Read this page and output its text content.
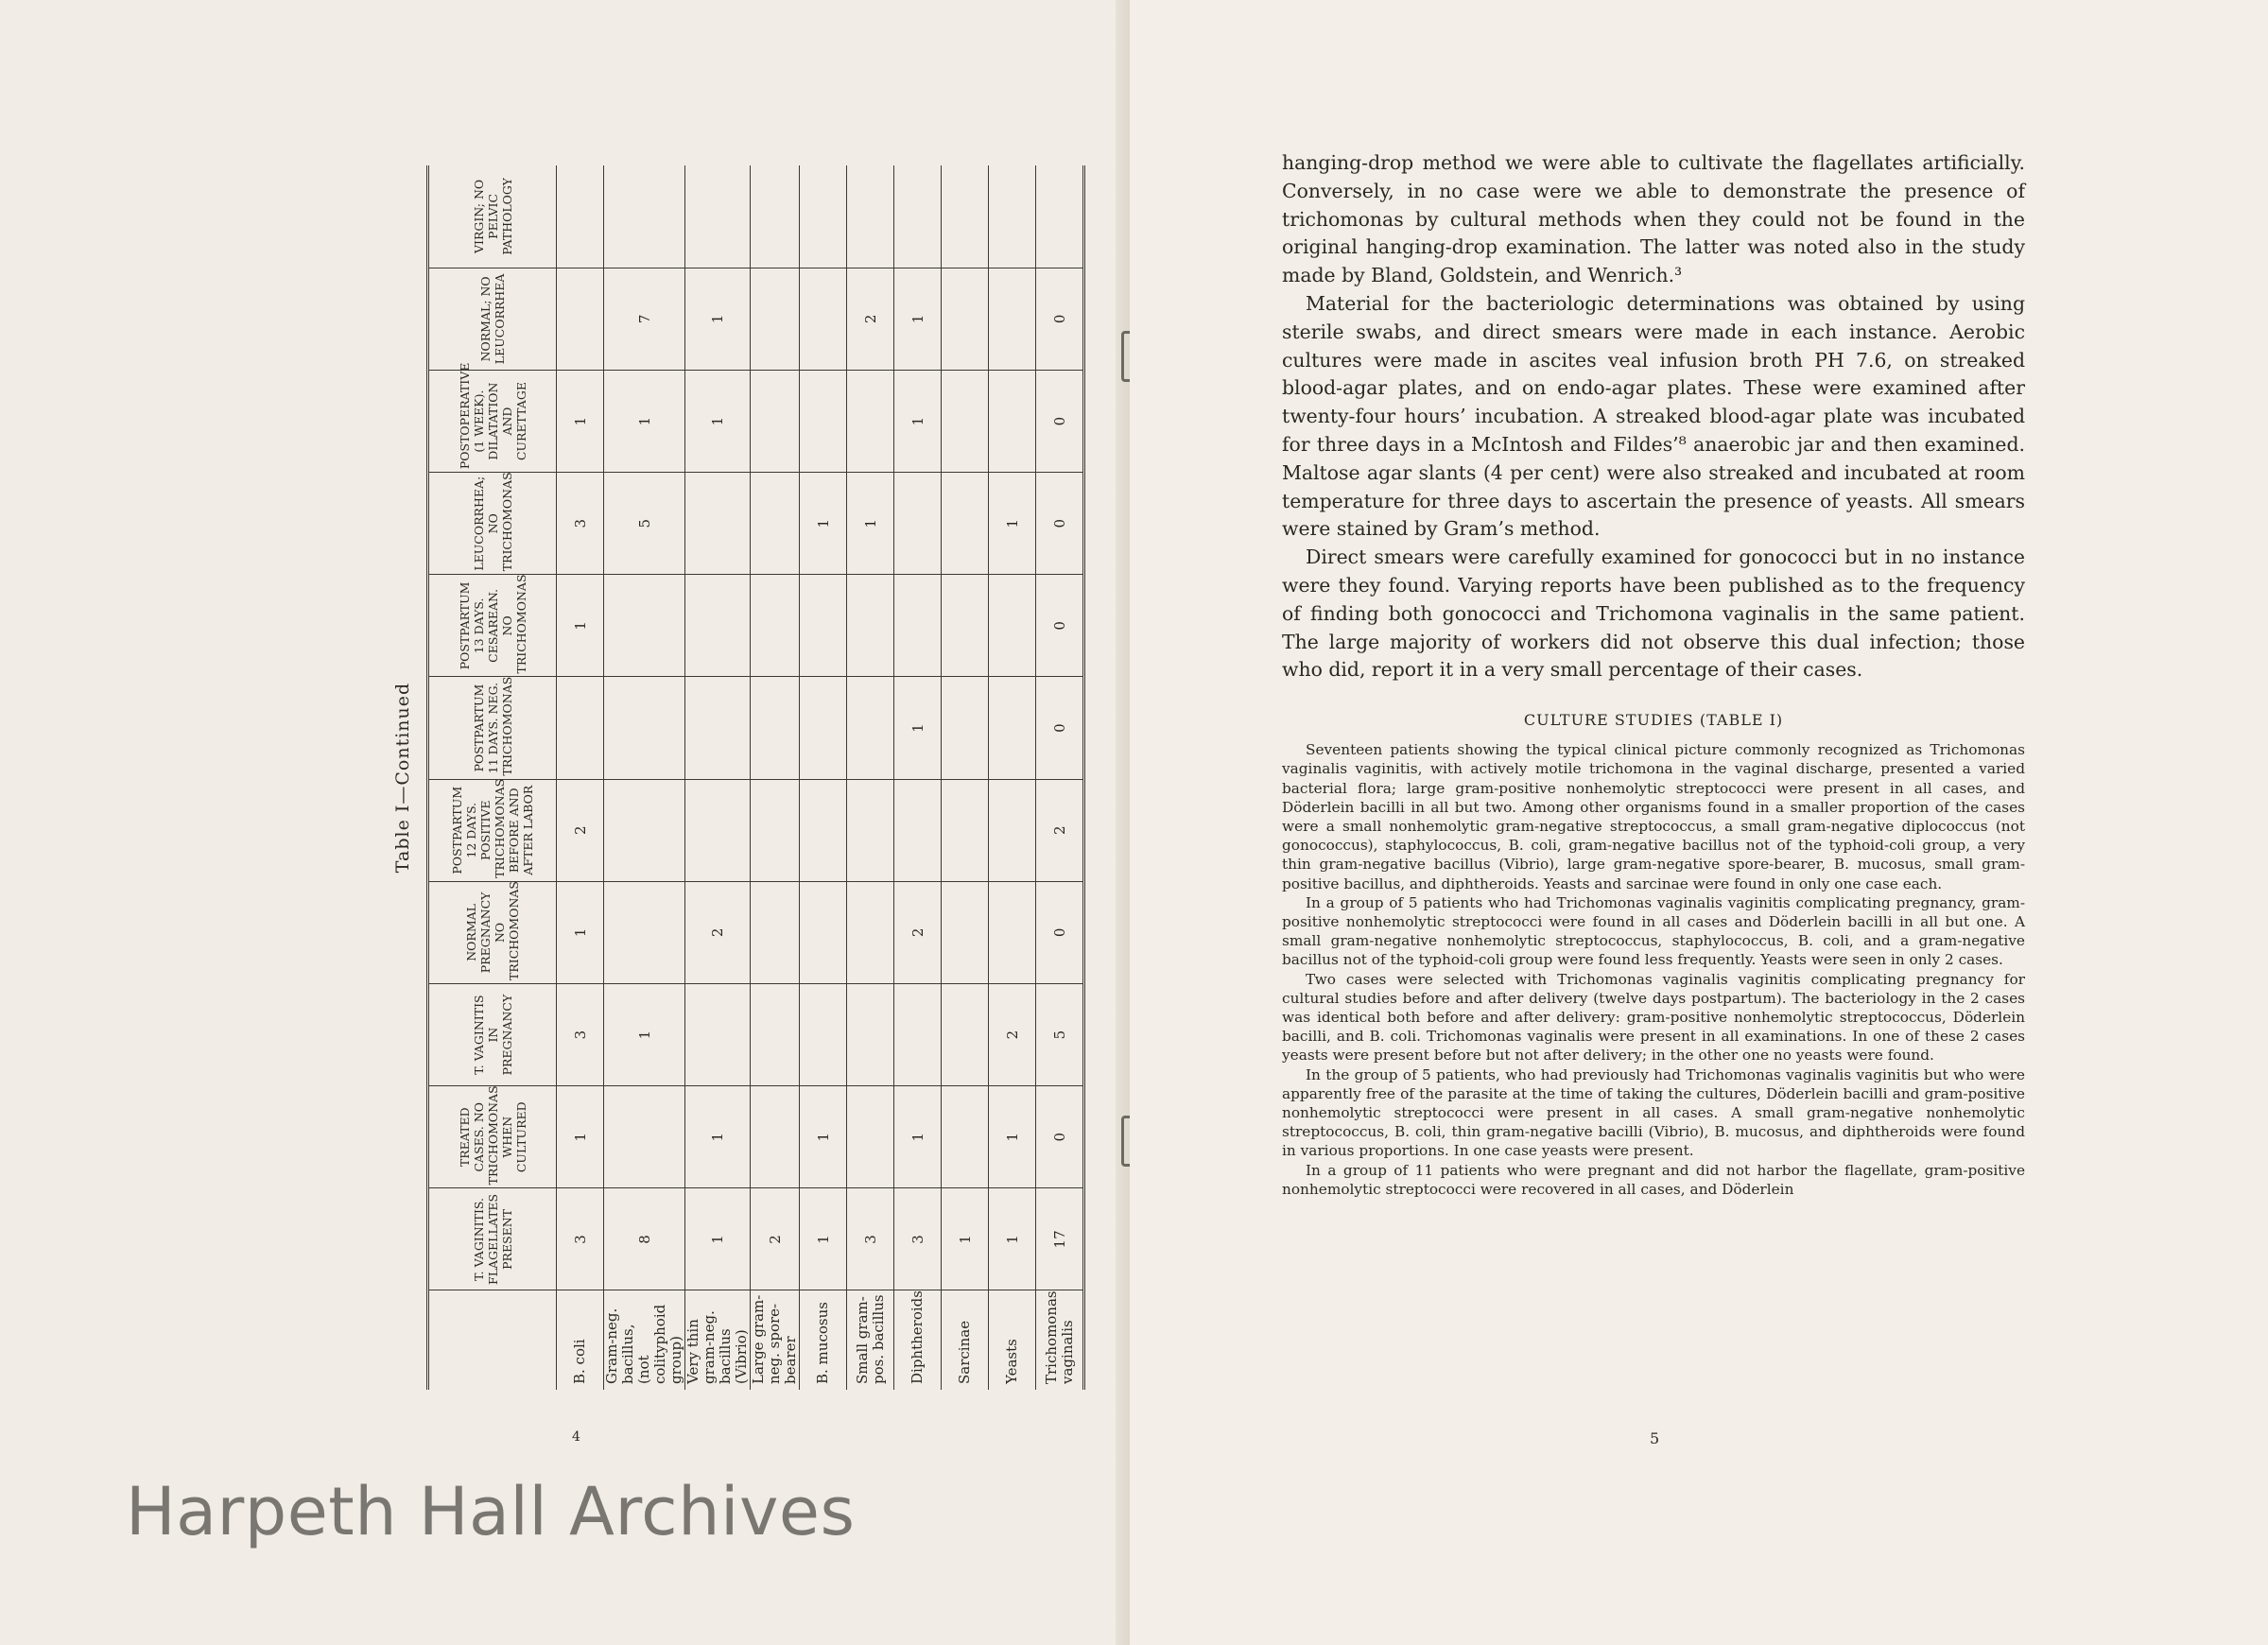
Table I—Continued
	T. VAGINITIS. FLAGELLATES PRESENT	TREATED CASES. NO TRICHOMONAS WHEN CULTURED	T. VAGINITIS IN PREGNANCY	NORMAL PREGNANCY NO TRICHOMONAS	POSTPARTUM 12 DAYS. POSITIVE TRICHOMONAS BEFORE AND AFTER LABOR	POSTPARTUM 11 DAYS. NEG. TRICHOMONAS	POSTPARTUM 13 DAYS. CESAREAN. NO TRICHOMONAS	LEUCORRHEA; NO TRICHOMONAS	POSTOPERATIVE (1 WEEK). DILATATION AND CURETTAGE	NORMAL; NO LEUCORRHEA	VIRGIN; NO PELVIC PATHOLOGY
B. coli	3	1	3	1	2		1	3	1		
Gram-neg. bacillus, (not colityphoid group)	8		1					5	1	7	
Very thin gram-neg. bacillus (Vibrio)	1	1		2					1	1	
Large gram-neg. spore-bearer	2										
B. mucosus	1	1						1			
Small gram-pos. bacillus	3							1		2	
Diphtheroids	3	1		2		1			1	1	
Sarcinae	1										
Yeasts	1	1	2					1			
Trichomonas vaginalis	17	0	5	0	2	0	0	0	0	0	
4
Harpeth Hall Archives

hanging-drop method we were able to cultivate the flagellates artificially. Conversely, in no case were we able to demonstrate the presence of trichomonas by cultural methods when they could not be found in the original hanging-drop examination. The latter was noted also in the study made by Bland, Goldstein, and Wenrich.³

Material for the bacteriologic determinations was obtained by using sterile swabs, and direct smears were made in each instance. Aerobic cultures were made in ascites veal infusion broth PH 7.6, on streaked blood-agar plates, and on endo-agar plates. These were examined after twenty-four hours’ incubation. A streaked blood-agar plate was incubated for three days in a McIntosh and Fildes’⁸ anaerobic jar and then examined. Maltose agar slants (4 per cent) were also streaked and incubated at room temperature for three days to ascertain the presence of yeasts. All smears were stained by Gram’s method.

Direct smears were carefully examined for gonococci but in no instance were they found. Varying reports have been published as to the frequency of finding both gonococci and Trichomona vaginalis in the same patient. The large majority of workers did not observe this dual infection; those who did, report it in a very small percentage of their cases.

CULTURE STUDIES (TABLE I)

Seventeen patients showing the typical clinical picture commonly recognized as Trichomonas vaginalis vaginitis, with actively motile trichomona in the vaginal discharge, presented a varied bacterial flora; large gram-positive nonhemolytic streptococci were present in all cases, and Döderlein bacilli in all but two. Among other organisms found in a smaller proportion of the cases were a small nonhemolytic gram-negative streptococcus, a small gram-negative diplococcus (not gonococcus), staphylococcus, B. coli, gram-negative bacillus not of the typhoid-coli group, a very thin gram-negative bacillus (Vibrio), large gram-negative spore-bearer, B. mucosus, small gram-positive bacillus, and diphtheroids. Yeasts and sarcinae were found in only one case each.

In a group of 5 patients who had Trichomonas vaginalis vaginitis complicating pregnancy, gram-positive nonhemolytic streptococci were found in all cases and Döderlein bacilli in all but one. A small gram-negative nonhemolytic streptococcus, staphylococcus, B. coli, and a gram-negative bacillus not of the typhoid-coli group were found less frequently. Yeasts were seen in only 2 cases.

Two cases were selected with Trichomonas vaginalis vaginitis complicating pregnancy for cultural studies before and after delivery (twelve days postpartum). The bacteriology in the 2 cases was identical both before and after delivery: gram-positive nonhemolytic streptococcus, Döderlein bacilli, and B. coli. Trichomonas vaginalis were present in all examinations. In one of these 2 cases yeasts were present before but not after delivery; in the other one no yeasts were found.

In the group of 5 patients, who had previously had Trichomonas vaginalis vaginitis but who were apparently free of the parasite at the time of taking the cultures, Döderlein bacilli and gram-positive nonhemolytic streptococci were present in all cases. A small gram-negative nonhemolytic streptococcus, B. coli, thin gram-negative bacilli (Vibrio), B. mucosus, and diphtheroids were found in various proportions. In one case yeasts were present.

In a group of 11 patients who were pregnant and did not harbor the flagellate, gram-positive nonhemolytic streptococci were recovered in all cases, and Döderlein

5
